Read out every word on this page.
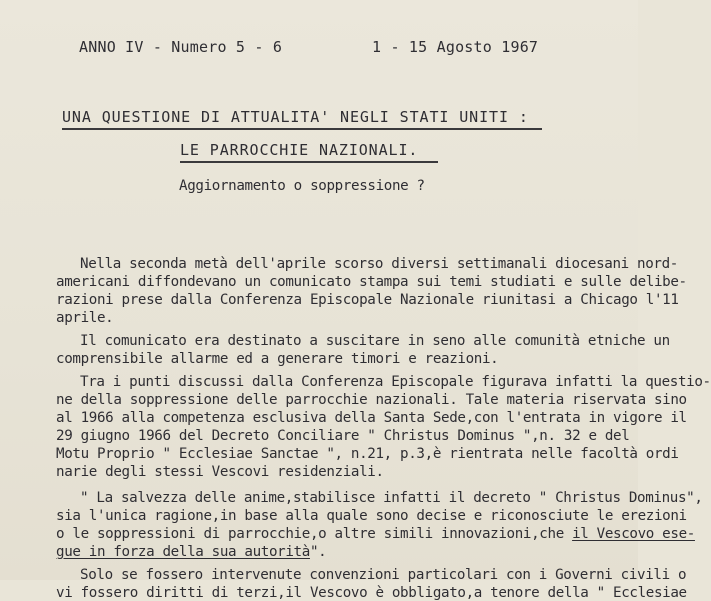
ANNO IV - Numero 5 - 6	1 - 15 Agosto 1967
UNA QUESTIONE DI ATTUALITA' NEGLI STATI UNITI :
LE PARROCCHIE NAZIONALI.
Aggiornamento o soppressione ?
Nella seconda metà dell'aprile scorso diversi settimanali diocesani nord-
americani diffondevano un comunicato stampa sui temi studiati e sulle delibe-
razioni prese dalla Conferenza Episcopale Nazionale riunitasi a Chicago l'11
aprile.
Il comunicato era destinato a suscitare in seno alle comunità etniche un
comprensibile allarme ed a generare timori e reazioni.
Tra i punti discussi dalla Conferenza Episcopale figurava infatti la questio-
ne della soppressione delle parrocchie nazionali. Tale materia riservata sino
al 1966 alla competenza esclusiva della Santa Sede,con l'entrata in vigore il
29 giugno 1966 del Decreto Conciliare " Christus Dominus ",n. 32 e del
Motu Proprio " Ecclesiae Sanctae ", n.21, p.3,è rientrata nelle facoltà ordi
narie degli stessi Vescovi residenziali.
" La salvezza delle anime,stabilisce infatti il decreto " Christus Dominus",
sia l'unica ragione,in base alla quale sono decise e riconosciute le erezioni
o le soppressioni di parrocchie,o altre simili innovazioni,che il Vescovo ese-
gue in forza della sua autorità".
Solo se fossero intervenute convenzioni particolari con i Governi civili o
vi fossero diritti di terzi,il Vescovo è obbligato,a tenore della " Ecclesiae
